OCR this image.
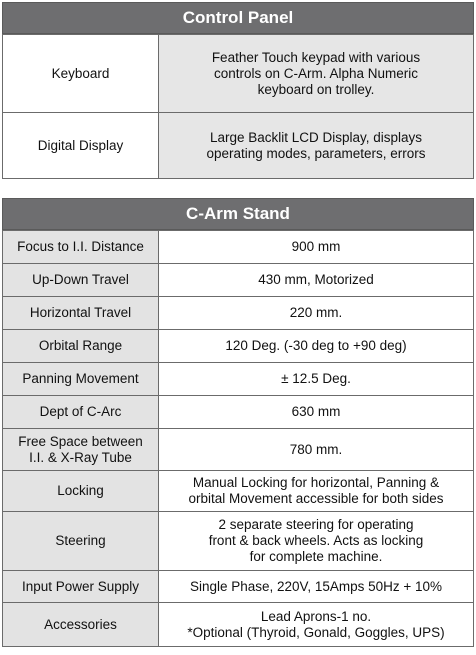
Control Panel
Keyboard	Feather Touch keypad with various
controls on C-Arm. Alpha Numeric
keyboard on trolley.
Digital Display	Large Backlit LCD Display, displays
operating modes, parameters, errors
C-Arm Stand
Focus to I.I. Distance	900 mm
Up-Down Travel	430 mm, Motorized
Horizontal Travel	220 mm.
Orbital Range	120 Deg. (-30 deg to +90 deg)
Panning Movement	± 12.5 Deg.
Dept of C-Arc	630 mm
Free Space between
I.I. & X-Ray Tube	780 mm.
Locking	Manual Locking for horizontal, Panning &
orbital Movement accessible for both sides
Steering	2 separate steering for operating
front & back wheels. Acts as locking
for complete machine.
Input Power Supply	Single Phase, 220V, 15Amps 50Hz + 10%
Accessories	Lead Aprons-1 no.
*Optional (Thyroid, Gonald, Goggles, UPS)
